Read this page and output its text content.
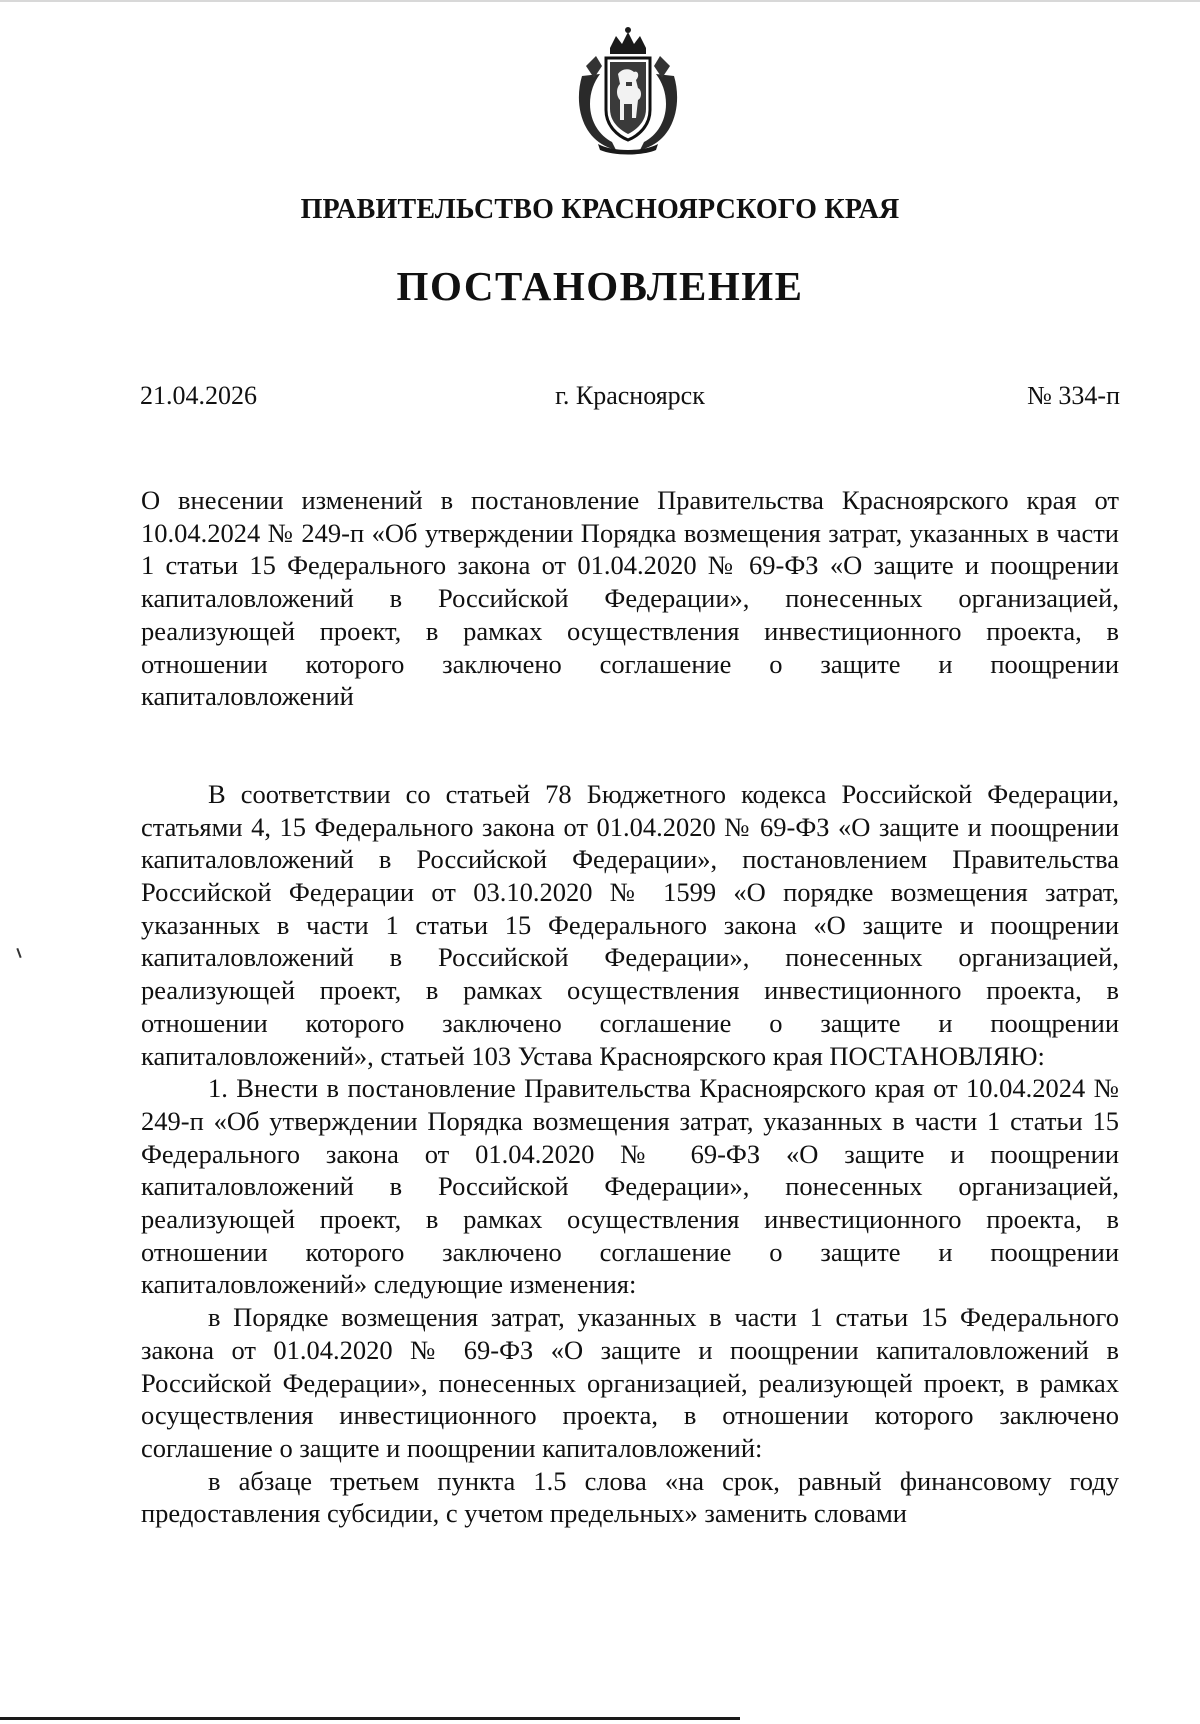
ПРАВИТЕЛЬСТВО КРАСНОЯРСКОГО КРАЯ
ПОСТАНОВЛЕНИЕ
г. Красноярск
21.04.2026	№ 334-п

О внесении изменений в постановление Правительства Красноярского края от 10.04.2024 № 249-п «Об утверждении Порядка возмещения затрат, указанных в части 1 статьи 15 Федерального закона от 01.04.2020 № 69-ФЗ «О защите и поощрении капиталовложений в Российской Федерации», понесенных организацией, реализующей проект, в рамках осуществления инвестиционного проекта, в отношении которого заключено соглашение о защите и поощрении капиталовложений

В соответствии со статьей 78 Бюджетного кодекса Российской Федерации, статьями 4, 15 Федерального закона от 01.04.2020 № 69-ФЗ «О защите и поощрении капиталовложений в Российской Федерации», постановлением Правительства Российской Федерации от 03.10.2020 № 1599 «О порядке возмещения затрат, указанных в части 1 статьи 15 Федерального закона «О защите и поощрении капиталовложений в Российской Федерации», понесенных организацией, реализующей проект, в рамках осуществления инвестиционного проекта, в отношении которого заключено соглашение о защите и поощрении капиталовложений», статьей 103 Устава Красноярского края ПОСТАНОВЛЯЮ:

1. Внести в постановление Правительства Красноярского края от 10.04.2024 № 249-п «Об утверждении Порядка возмещения затрат, указанных в части 1 статьи 15 Федерального закона от 01.04.2020 № 69-ФЗ «О защите и поощрении капиталовложений в Российской Федерации», понесенных организацией, реализующей проект, в рамках осуществления инвестиционного проекта, в отношении которого заключено соглашение о защите и поощрении капиталовложений» следующие изменения:

в Порядке возмещения затрат, указанных в части 1 статьи 15 Федерального закона от 01.04.2020 № 69-ФЗ «О защите и поощрении капиталовложений в Российской Федерации», понесенных организацией, реализующей проект, в рамках осуществления инвестиционного проекта, в отношении которого заключено соглашение о защите и поощрении капиталовложений:

в абзаце третьем пункта 1.5 слова «на срок, равный финансовому году предоставления субсидии, с учетом предельных» заменить словами
